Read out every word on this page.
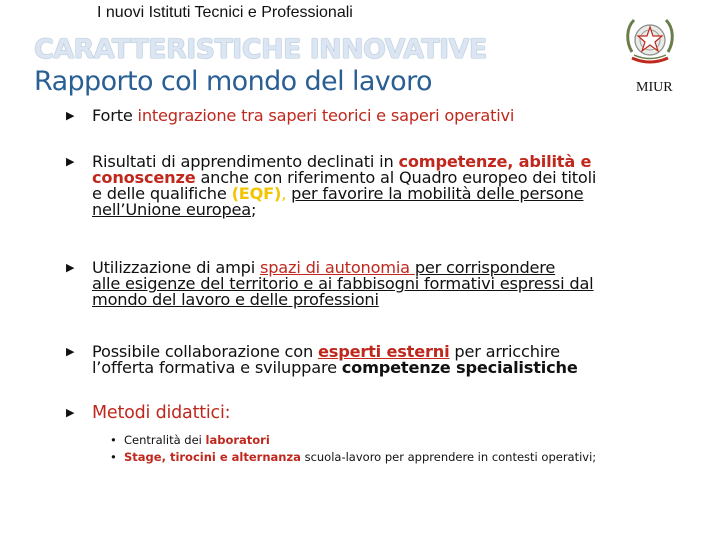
I nuovi Istituti Tecnici e Professionali
CARATTERISTICHE INNOVATIVE
Rapporto col mondo del lavoro	MIUR
▶ Forte integrazione tra saperi teorici e saperi operativi
▶ Risultati di apprendimento declinati in competenze, abilità e
conoscenze anche con riferimento al Quadro europeo dei titoli
e delle qualifiche (EQF), per favorire la mobilità delle persone
nell’Unione europea;
▶ Utilizzazione di ampi spazi di autonomia per corrispondere
alle esigenze del territorio e ai fabbisogni formativi espressi dal
mondo del lavoro e delle professioni
▶ Possibile collaborazione con esperti esterni per arricchire
l’offerta formativa e sviluppare competenze specialistiche
▶ Metodi didattici:
• Centralità dei laboratori
• Stage, tirocini e alternanza scuola-lavoro per apprendere in contesti operativi;
